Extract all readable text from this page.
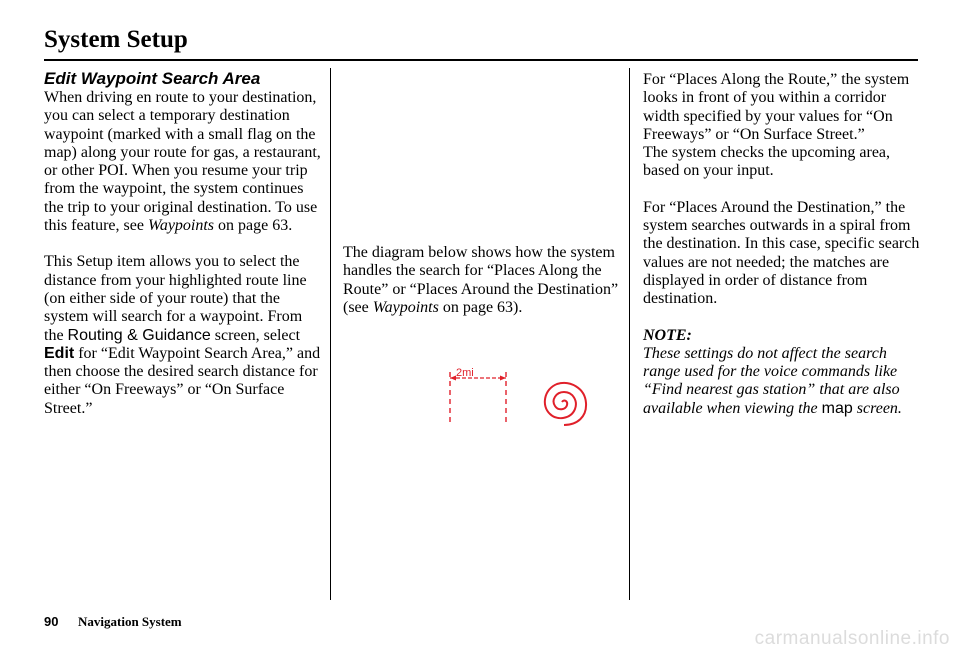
System Setup

Edit Waypoint Search Area

When driving en route to your destination, you can select a temporary destination waypoint (marked with a small flag on the map) along your route for gas, a restaurant, or other POI. When you resume your trip from the waypoint, the system continues the trip to your original destination. To use this feature, see Waypoints on page 63.

This Setup item allows you to select the distance from your highlighted route line (on either side of your route) that the system will search for a waypoint. From the Routing & Guidance screen, select Edit for “Edit Waypoint Search Area,” and then choose the desired search distance for either “On Freeways” or “On Surface Street.”

The diagram below shows how the system handles the search for “Places Along the Route” or “Places Around the Destination” (see Waypoints on page 63).

2mi

For “Places Along the Route,” the system looks in front of you within a corridor width specified by your values for “On Freeways” or “On Surface Street.”

The system checks the upcoming area, based on your input.

For “Places Around the Destination,” the system searches outwards in a spiral from the destination. In this case, specific search values are not needed; the matches are displayed in order of distance from destination.

NOTE:

These settings do not affect the search range used for the voice commands like “Find nearest gas station” that are also available when viewing the map screen.

90 Navigation System
carmanualsonline.info
